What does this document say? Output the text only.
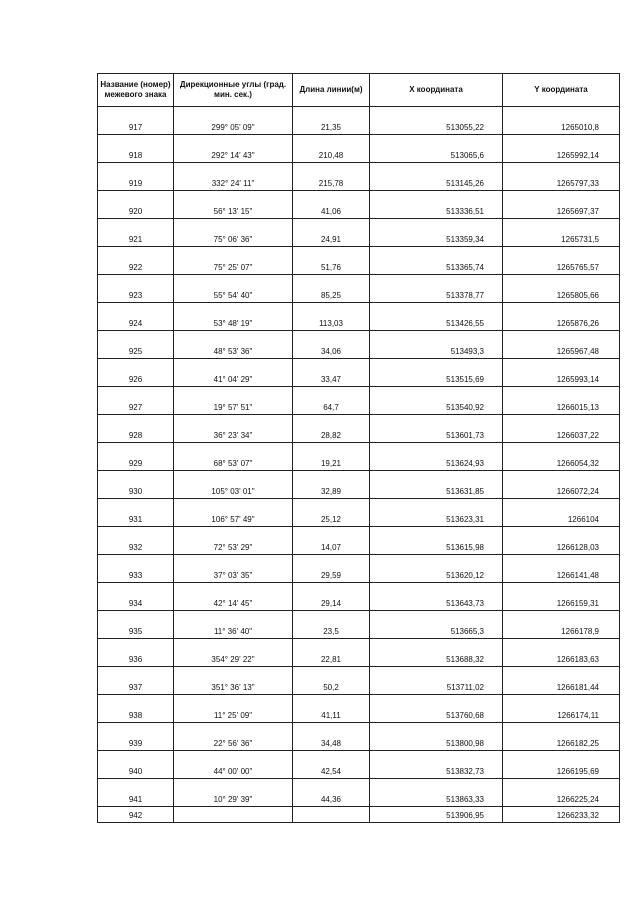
Название (номер) межевого знака	Дирекционные углы (град. мин. сек.)	Длина линии(м)	X координата	Y координата

917	299° 05' 09"	21,35	513055,22	1265010,8

918	292° 14' 43"	210,48	513065,6	1265992,14

919	332° 24' 11"	215,78	513145,26	1265797,33

920	56° 13' 15"	41,06	513336,51	1265697,37

921	75° 06' 36"	24,91	513359,34	1265731,5

922	75° 25' 07"	51,76	513365,74	1265765,57

923	55° 54' 40"	85,25	513378,77	1265805,66

924	53° 48' 19"	113,03	513426,55	1265876,26

925	48° 53' 36"	34,06	513493,3	1265967,48

926	41° 04' 29"	33,47	513515,69	1265993,14

927	19° 57' 51"	64,7	513540,92	1266015,13

928	36° 23' 34"	28,82	513601,73	1266037,22

929	68° 53' 07"	19,21	513624,93	1266054,32

930	105° 03' 01"	32,89	513631,85	1266072,24

931	106° 57' 49"	25,12	513623,31	1266104

932	72° 53' 29"	14,07	513615,98	1266128,03

933	37° 03' 35"	29,59	513620,12	1266141,48

934	42° 14' 45"	29,14	513643,73	1266159,31

935	11° 36' 40"	23,5	513665,3	1266178,9

936	354° 29' 22"	22,81	513688,32	1266183,63

937	351° 36' 13"	50,2	513711,02	1266181,44

938	11° 25' 09"	41,11	513760,68	1266174,11

939	22° 56' 36"	34,48	513800,98	1266182,25

940	44° 00' 00"	42,54	513832,73	1266195,69

941	10° 29' 39"	44,36	513863,33	1266225,24

942			513906,95	1266233,32
